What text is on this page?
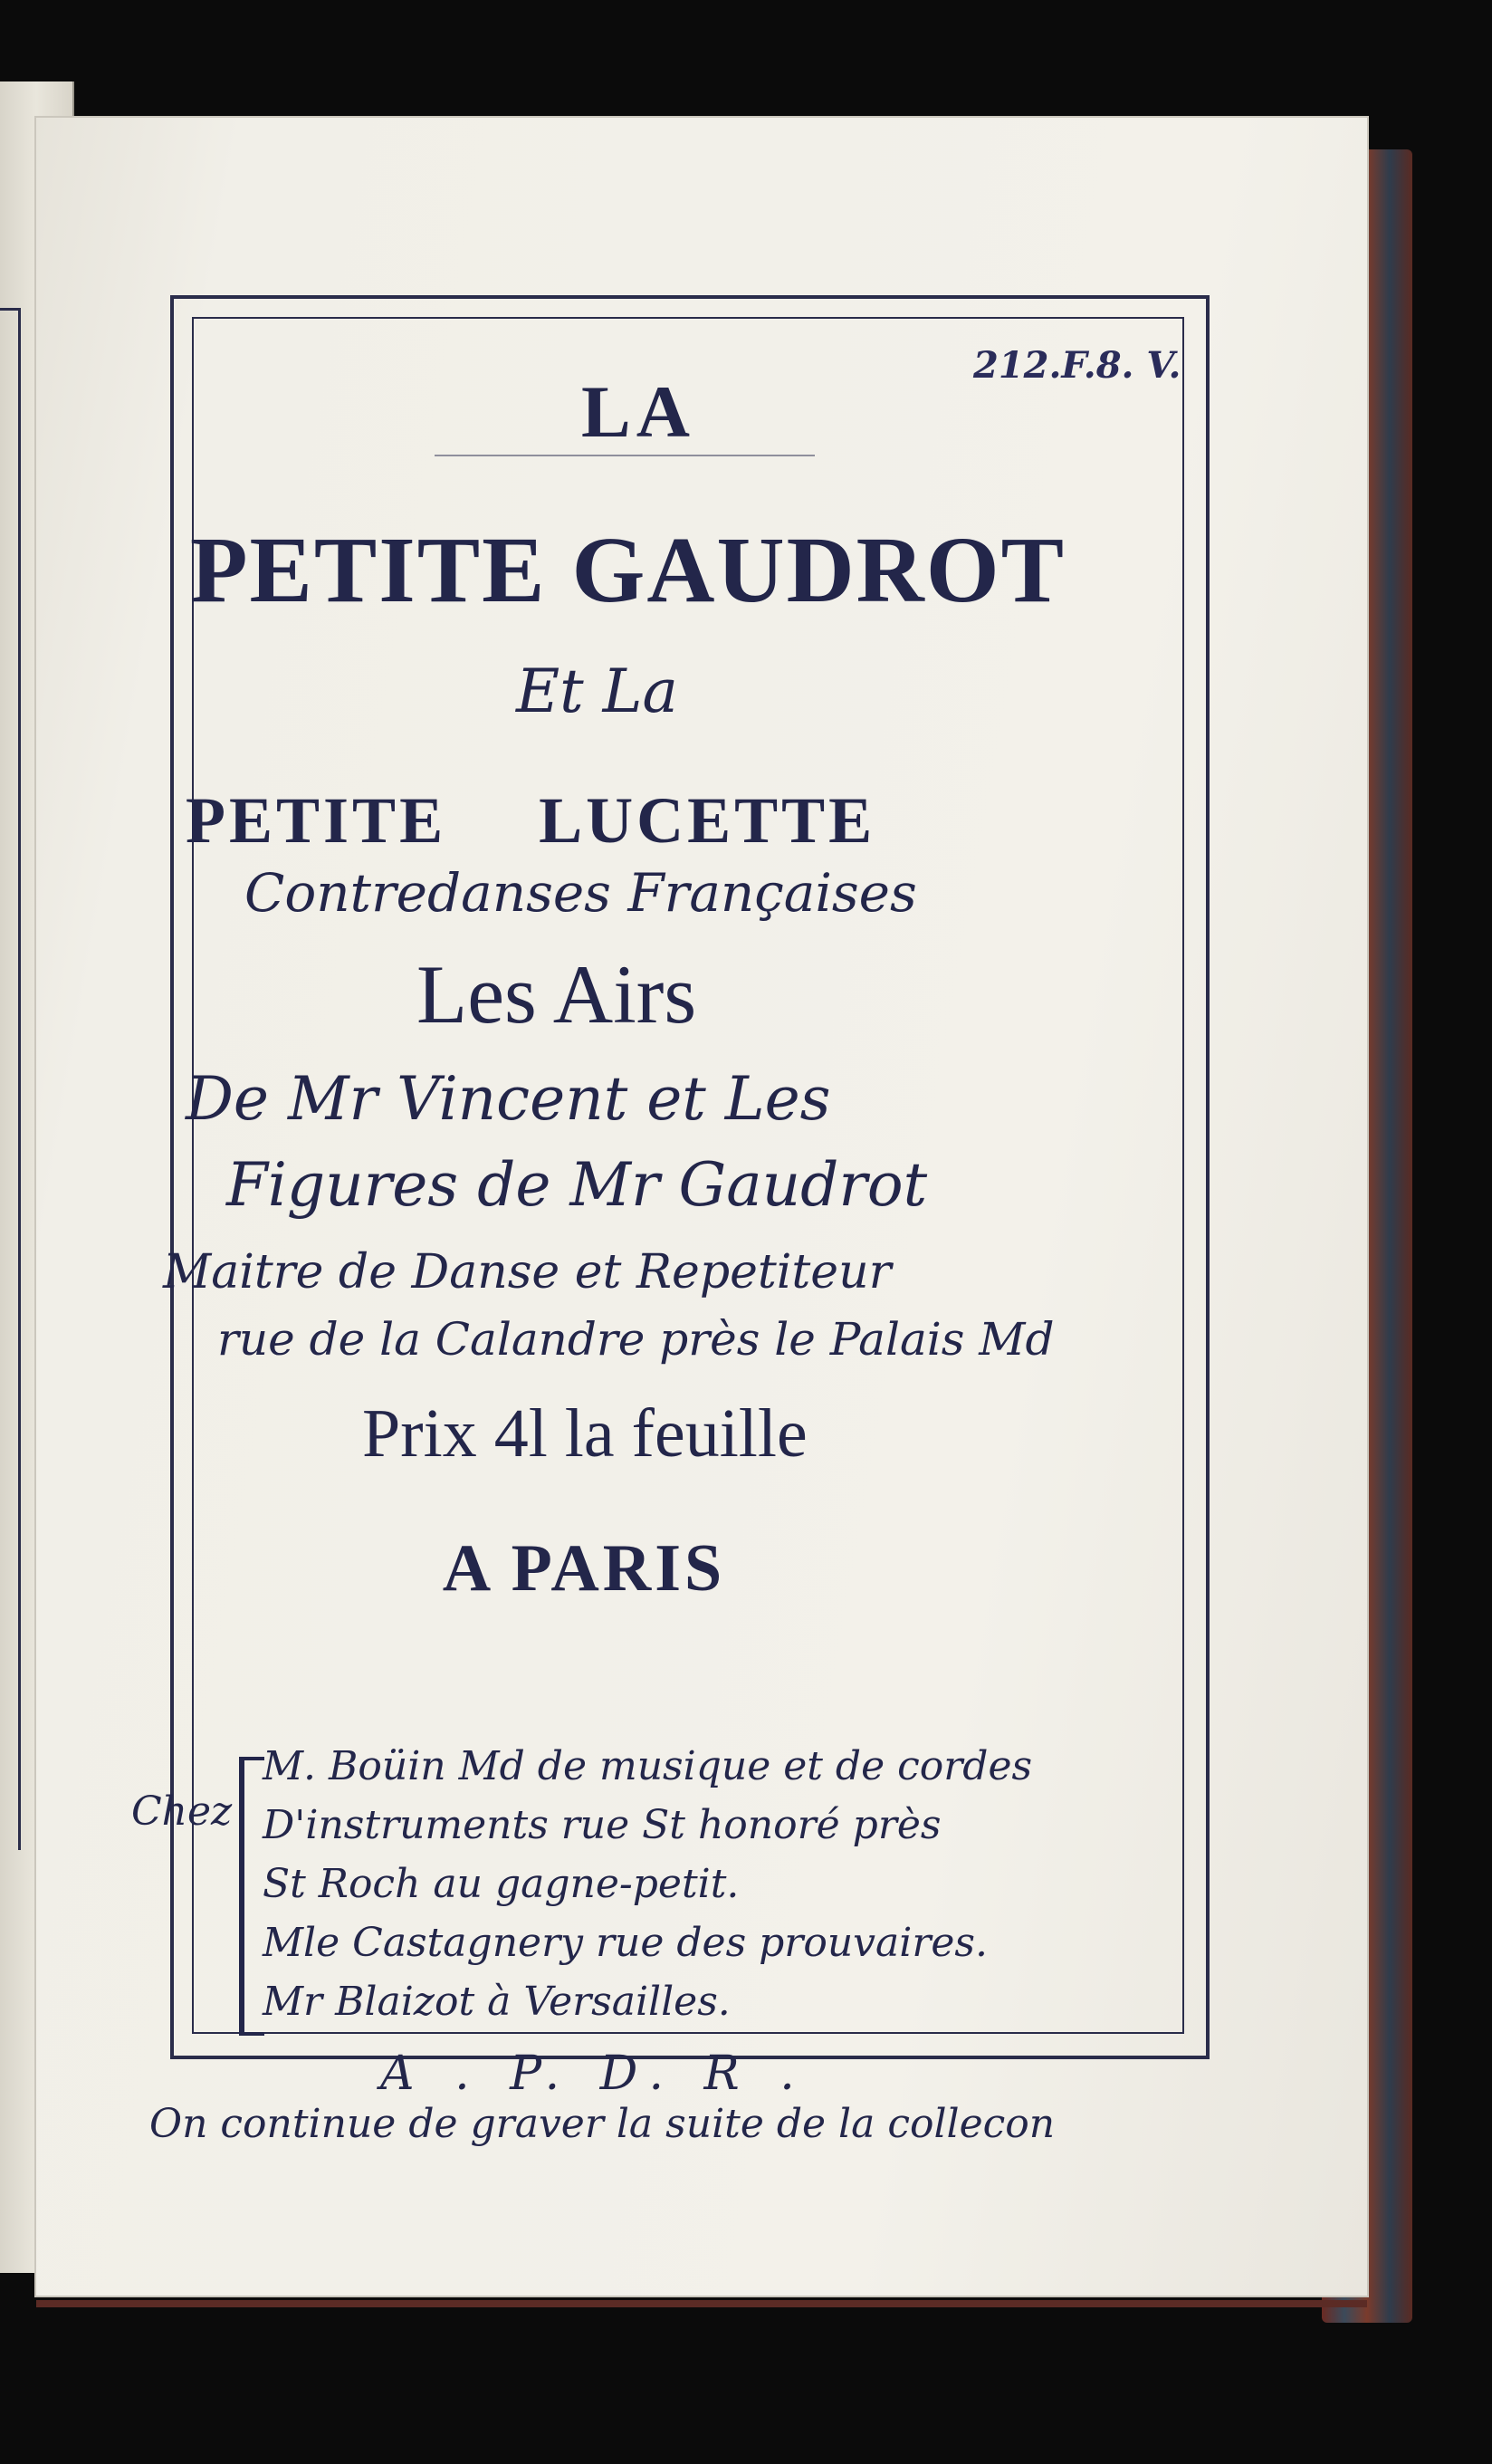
212.F.8. V.
LA
PETITE GAUDROT
Et La
PETITE LUCETTE
Contredanses Françaises
Les Airs
De Mr Vincent et Les
Figures de Mr Gaudrot
Maitre de Danse et Repetiteur
rue de la Calandre près le Palais Md
Prix 4l la feuille
A PARIS
Chez
M. Boüin Md de musique et de cordes
D'instruments rue St honoré près
St Roch au gagne-petit.
Mle Castagnery rue des prouvaires.
Mr Blaizot à Versailles.
A . P. D. R .
On continue de graver la suite de la collecon
